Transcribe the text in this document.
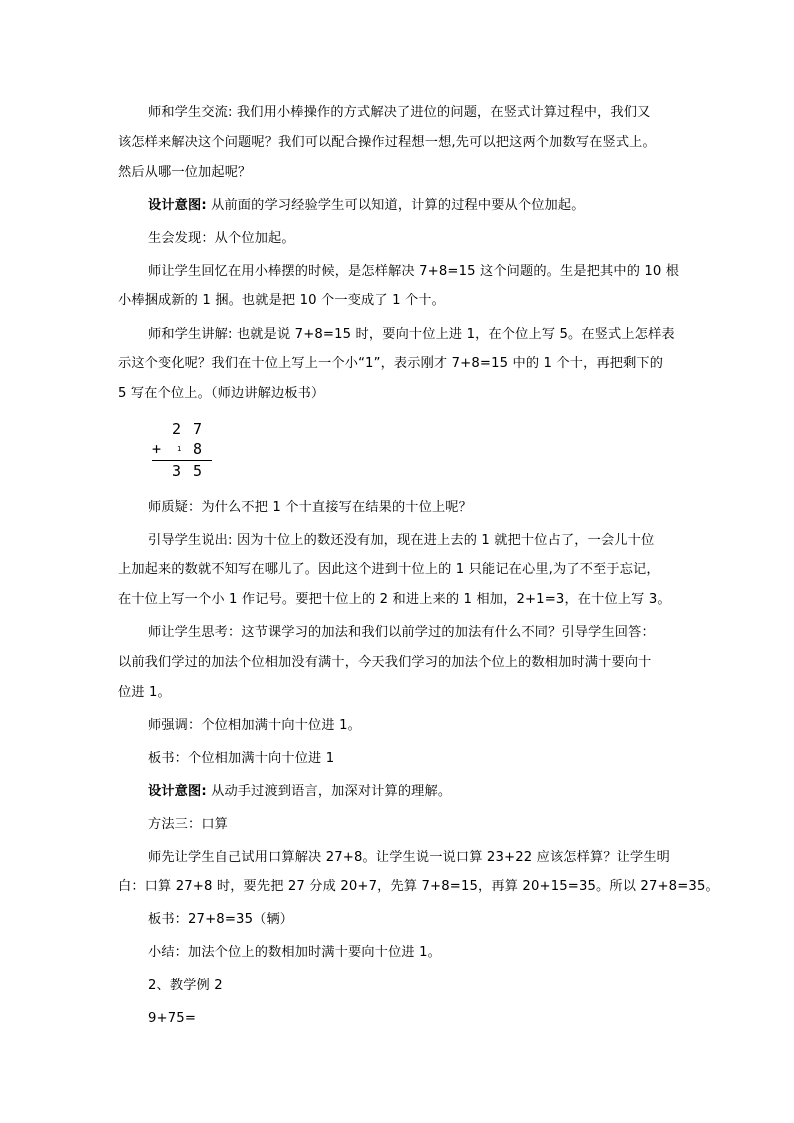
师和学生交流: 我们用小棒操作的方式解决了进位的问题，在竖式计算过程中，我们又
该怎样来解决这个问题呢？我们可以配合操作过程想一想,先可以把这两个加数写在竖式上。
然后从哪一位加起呢？
设计意图: 从前面的学习经验学生可以知道，计算的过程中要从个位加起。
生会发现：从个位加起。
师让学生回忆在用小棒摆的时候，是怎样解决 7+8=15 这个问题的。生是把其中的 10 根
小棒捆成新的 1 捆。也就是把 10 个一变成了 1 个十。
师和学生讲解: 也就是说 7+8=15 时，要向十位上进 1，在个位上写 5。在竖式上怎样表
示这个变化呢？我们在十位上写上一个小“1”，表示刚才 7+8=15 中的 1 个十，再把剩下的
5 写在个位上。（师边讲解边板书）
师质疑：为什么不把 1 个十直接写在结果的十位上呢？
引导学生说出: 因为十位上的数还没有加，现在进上去的 1 就把十位占了，一会儿十位
上加起来的数就不知写在哪儿了。因此这个进到十位上的 1 只能记在心里,为了不至于忘记，
在十位上写一个小 1 作记号。要把十位上的 2 和进上来的 1 相加，2+1=3，在十位上写 3。
师让学生思考：这节课学习的加法和我们以前学过的加法有什么不同？引导学生回答：
以前我们学过的加法个位相加没有满十，今天我们学习的加法个位上的数相加时满十要向十
位进 1。
师强调：个位相加满十向十位进 1。
板书：个位相加满十向十位进 1
设计意图: 从动手过渡到语言，加深对计算的理解。
方法三：口算
师先让学生自己试用口算解决 27+8。让学生说一说口算 23+22 应该怎样算？让学生明
白：口算 27+8 时，要先把 27 分成 20+7，先算 7+8=15，再算 20+15=35。所以 27+8=35。
板书：27+8=35（辆）
小结：加法个位上的数相加时满十要向十位进 1。
2、教学例 2
9+75=
2 7
+ 1 8
3 5
